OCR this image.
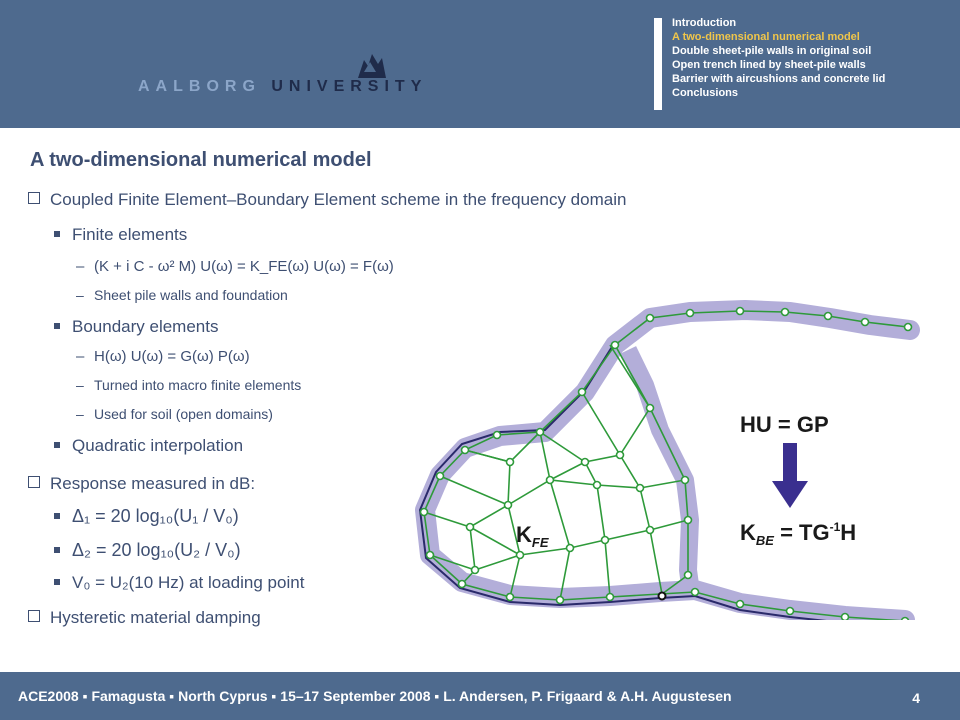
AALBORG UNIVERSITY
Introduction
A two-dimensional numerical model
Double sheet-pile walls in original soil
Open trench lined by sheet-pile walls
Barrier with aircushions and concrete lid
Conclusions
A two-dimensional numerical model
Coupled Finite Element–Boundary Element scheme in the frequency domain
Finite elements
– (K + i C - ω² M) U(ω) = K_FE(ω) U(ω) = F(ω)
– Sheet pile walls and foundation
Boundary elements
– H(ω) U(ω) = G(ω) P(ω)
– Turned into macro finite elements
– Used for soil (open domains)
Quadratic interpolation
Response measured in dB:
Δ₁ = 20 log₁₀(U₁ / V₀)
Δ₂ = 20 log₁₀(U₂ / V₀)
V₀ = U₂(10 Hz) at loading point
Hysteretic material damping
HU = GP
$K_{FE}$	$K_{BE} = TG^{-1}H$
ACE2008 ▪ Famagusta ▪ North Cyprus ▪ 15–17 September 2008 ▪ L. Andersen, P. Frigaard & A.H. Augustesen	4
